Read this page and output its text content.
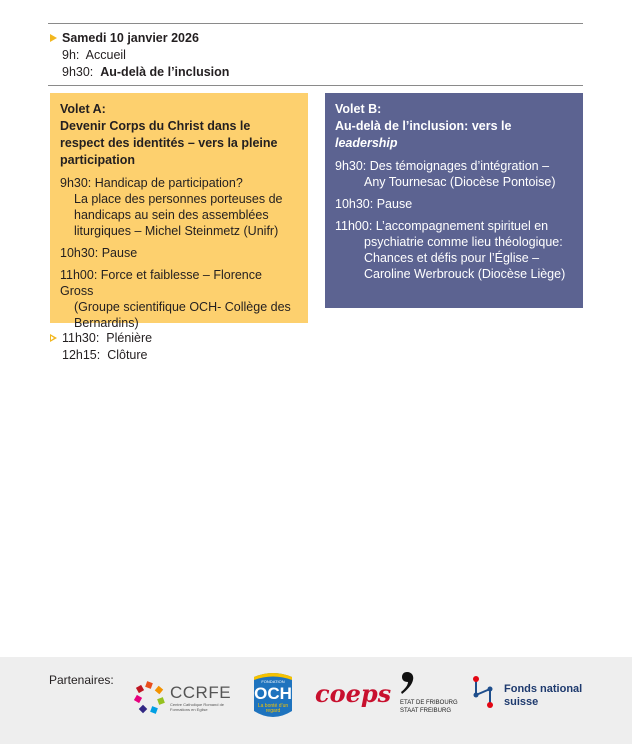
Samedi 10 janvier 2026
9h: Accueil
9h30: Au-delà de l’inclusion
Volet A:
Devenir Corps du Christ dans le respect des identités – vers la pleine participation
9h30: Handicap de participation?
La place des personnes porteuses de handicaps au sein des assemblées liturgiques – Michel Steinmetz (Unifr)
10h30: Pause
11h00: Force et faiblesse – Florence Gross
(Groupe scientifique OCH- Collège des Bernardins)
Volet B:
Au-delà de l’inclusion: vers le
leadership
9h30: Des témoignages d’intégration –
Any Tournesac (Diocèse Pontoise)
10h30: Pause
11h00: L’accompagnement spirituel en
psychiatrie comme lieu théologique: Chances et défis pour l’Église – Caroline Werbrouck (Diocèse Liège)
11h30: Plénière
12h15: Clôture
Partenaires:
CCRFE
Centre Catholique Romand de Formations en Eglise
FONDATION
OCH
La bonté d’un regard
coeps ETAT DE FRIBOURG
STAAT FREIBURG
Fonds national
suisse
